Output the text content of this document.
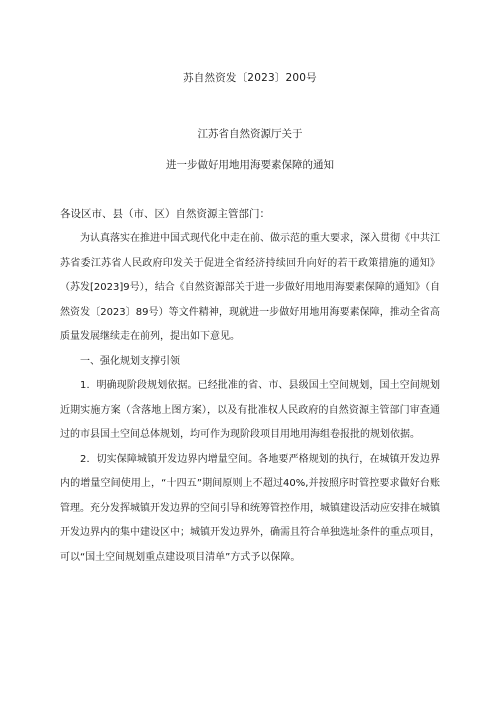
苏自然资发〔2023〕200号
江苏省自然资源厅关于
进一步做好用地用海要素保障的通知
各设区市、县（市、区）自然资源主管部门：

为认真落实在推进中国式现代化中走在前、做示范的重大要求，深入贯彻《中共江苏省委江苏省人民政府印发关于促进全省经济持续回升向好的若干政策措施的通知》（苏发[2023]9号），结合《自然资源部关于进一步做好用地用海要素保障的通知》（自然资发〔2023〕89号）等文件精神，现就进一步做好用地用海要素保障，推动全省高质量发展继续走在前列，提出如下意见。

一、强化规划支撑引领

1．明确现阶段规划依据。已经批准的省、市、县级国土空间规划，国土空间规划近期实施方案（含落地上图方案），以及有批准权人民政府的自然资源主管部门审查通过的市县国土空间总体规划，均可作为现阶段项目用地用海组卷报批的规划依据。

2．切实保障城镇开发边界内增量空间。各地要严格规划的执行，在城镇开发边界内的增量空间使用上，“十四五”期间原则上不超过40%,并按照序时管控要求做好台账管理。充分发挥城镇开发边界的空间引导和统筹管控作用，城镇建设活动应安排在城镇开发边界内的集中建设区中；城镇开发边界外，确需且符合单独选址条件的重点项目，可以“国土空间规划重点建设项目清单”方式予以保障。
